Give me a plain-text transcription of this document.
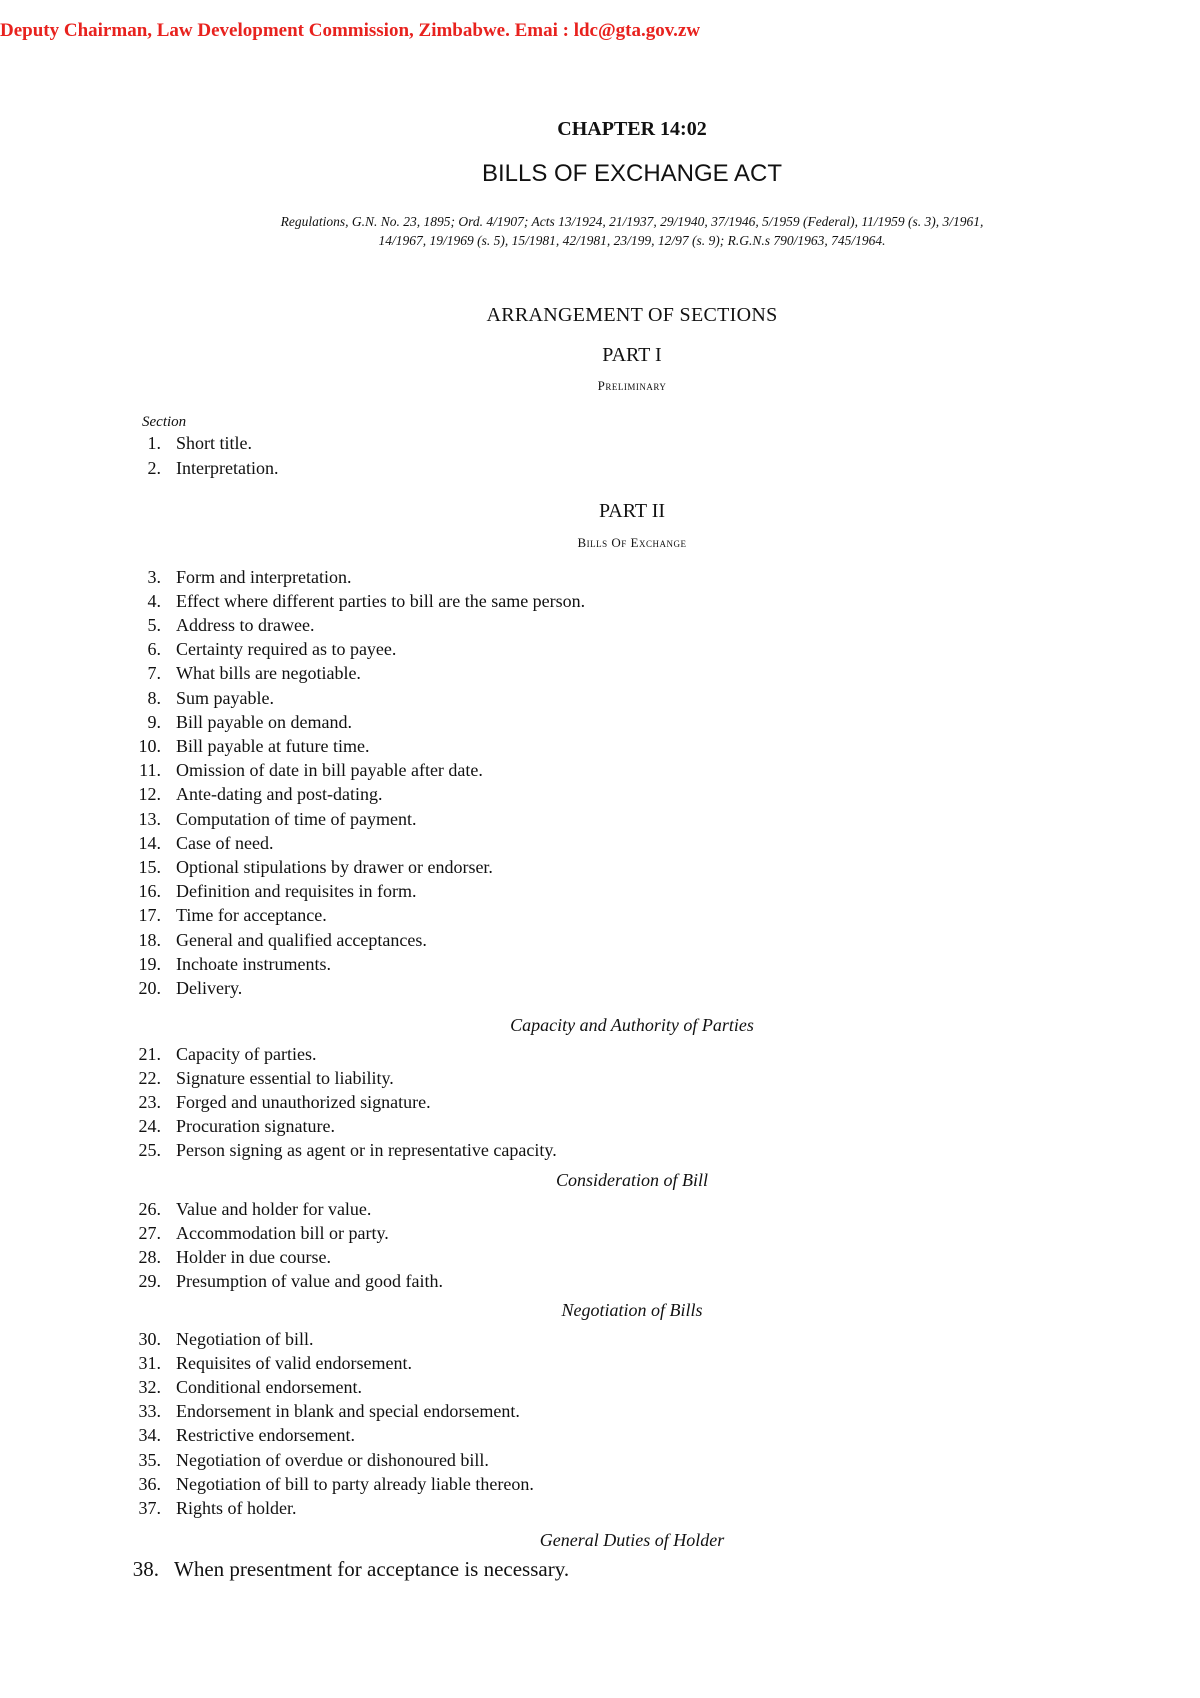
Deputy Chairman, Law Development Commission, Zimbabwe. Emai : ldc@gta.gov.zw
CHAPTER 14:02
BILLS OF EXCHANGE ACT
Regulations, G.N. No. 23, 1895; Ord. 4/1907; Acts 13/1924, 21/1937, 29/1940, 37/1946, 5/1959 (Federal), 11/1959 (s. 3), 3/1961, 14/1967, 19/1969 (s. 5), 15/1981, 42/1981, 23/199, 12/97 (s. 9); R.G.N.s 790/1963, 745/1964.
ARRANGEMENT OF SECTIONS
PART I
Preliminary
Section
PART II
Bills Of Exchange
Capacity and Authority of Parties
Consideration of Bill
Negotiation of Bills
General Duties of Holder
1. Short title.
2. Interpretation.
3. Form and interpretation.
4. Effect where different parties to bill are the same person.
5. Address to drawee.
6. Certainty required as to payee.
7. What bills are negotiable.
8. Sum payable.
9. Bill payable on demand.
10. Bill payable at future time.
11. Omission of date in bill payable after date.
12. Ante-dating and post-dating.
13. Computation of time of payment.
14. Case of need.
15. Optional stipulations by drawer or endorser.
16. Definition and requisites in form.
17. Time for acceptance.
18. General and qualified acceptances.
19. Inchoate instruments.
20. Delivery.
21. Capacity of parties.
22. Signature essential to liability.
23. Forged and unauthorized signature.
24. Procuration signature.
25. Person signing as agent or in representative capacity.
26. Value and holder for value.
27. Accommodation bill or party.
28. Holder in due course.
29. Presumption of value and good faith.
30. Negotiation of bill.
31. Requisites of valid endorsement.
32. Conditional endorsement.
33. Endorsement in blank and special endorsement.
34. Restrictive endorsement.
35. Negotiation of overdue or dishonoured bill.
36. Negotiation of bill to party already liable thereon.
37. Rights of holder.
38. When presentment for acceptance is necessary.
